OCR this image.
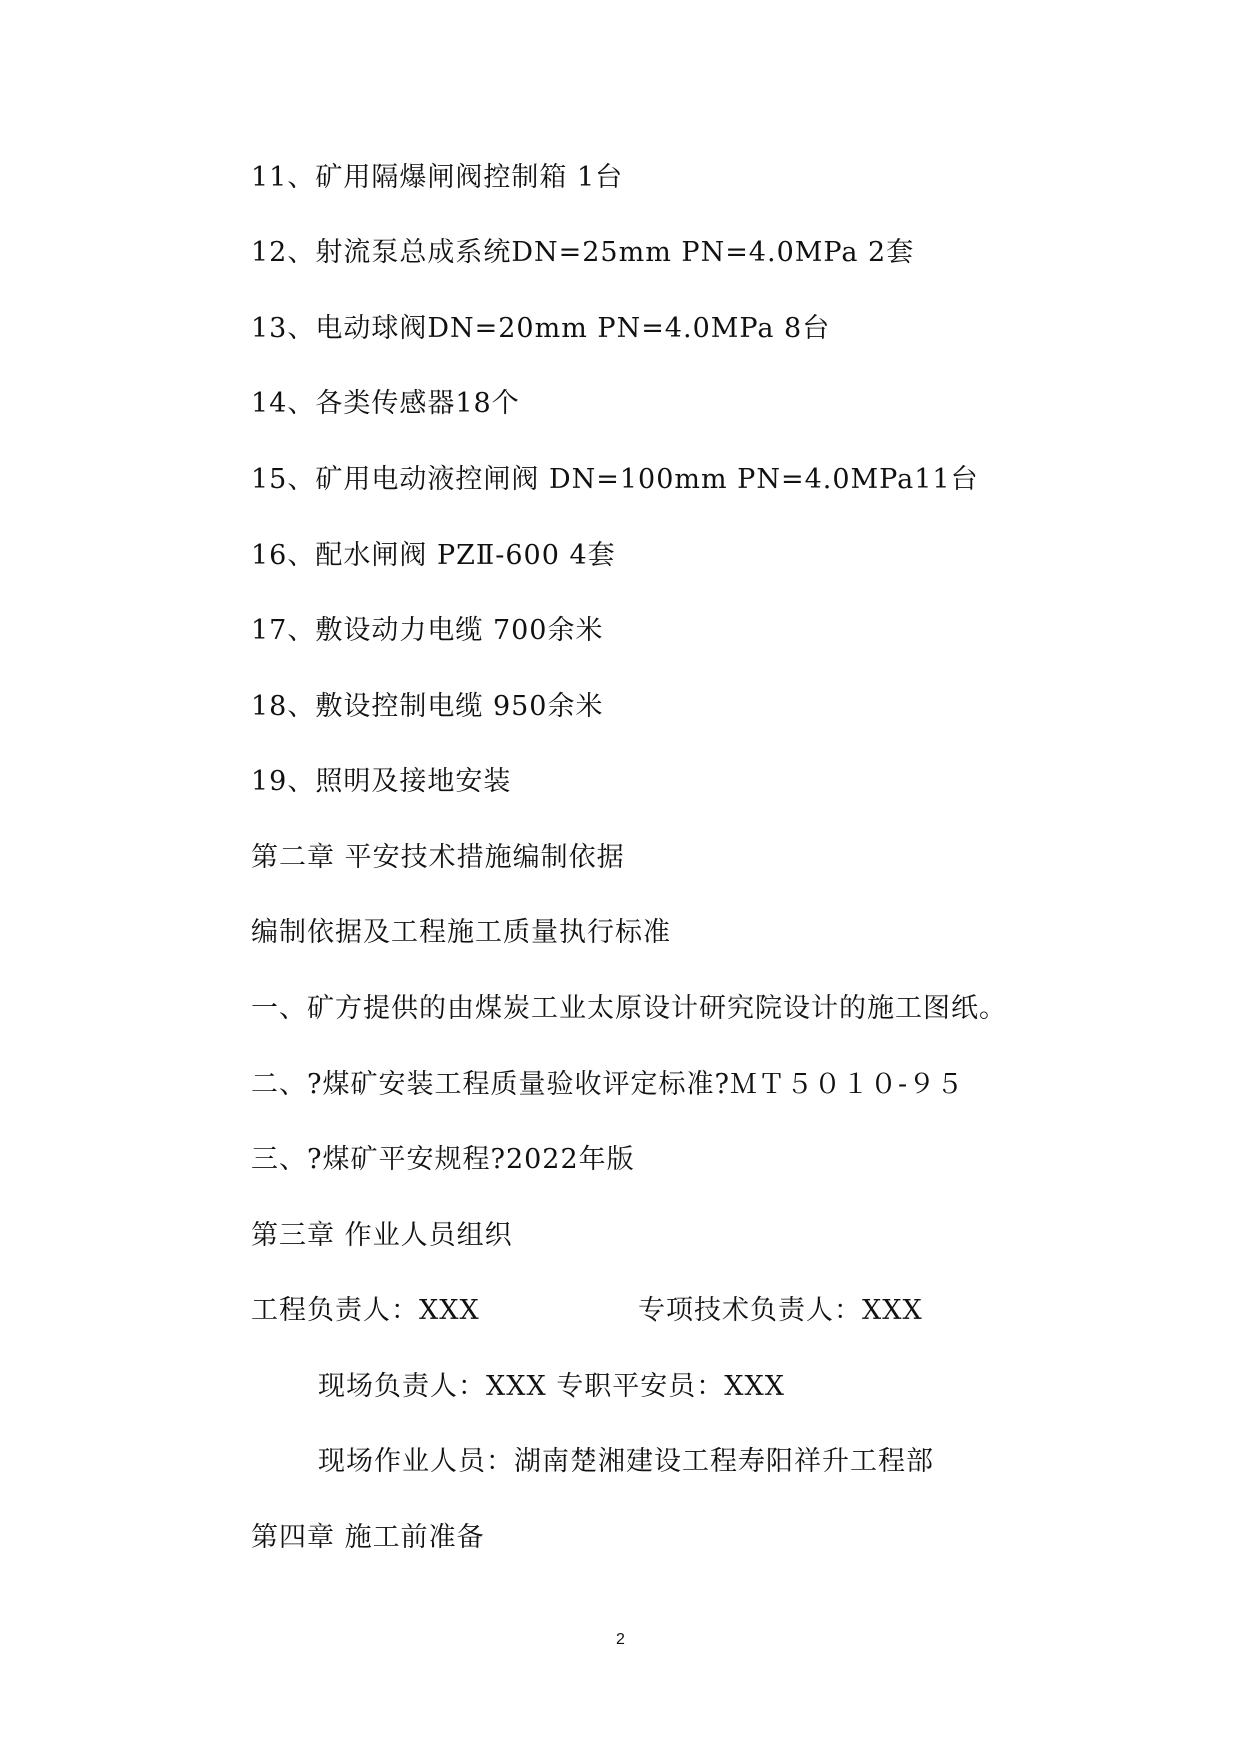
11、矿用隔爆闸阀控制箱 1台
12、射流泵总成系统DN=25mm PN=4.0MPa 2套
13、电动球阀DN=20mm PN=4.0MPa 8台
14、各类传感器18个
15、矿用电动液控闸阀 DN=100mm PN=4.0MPa11台
16、配水闸阀 PZⅡ-600 4套
17、敷设动力电缆 700余米
18、敷设控制电缆 950余米
19、照明及接地安装
第二章 平安技术措施编制依据
编制依据及工程施工质量执行标准
一、矿方提供的由煤炭工业太原设计研究院设计的施工图纸。
二、?煤矿安装工程质量验收评定标准?ＭＴ５０１０-９５
三、?煤矿平安规程?2022年版
第三章 作业人员组织
工程负责人：XXX	专项技术负责人：XXX
现场负责人：XXX 专职平安员：XXX
现场作业人员：湖南楚湘建设工程寿阳祥升工程部
第四章 施工前准备
2
